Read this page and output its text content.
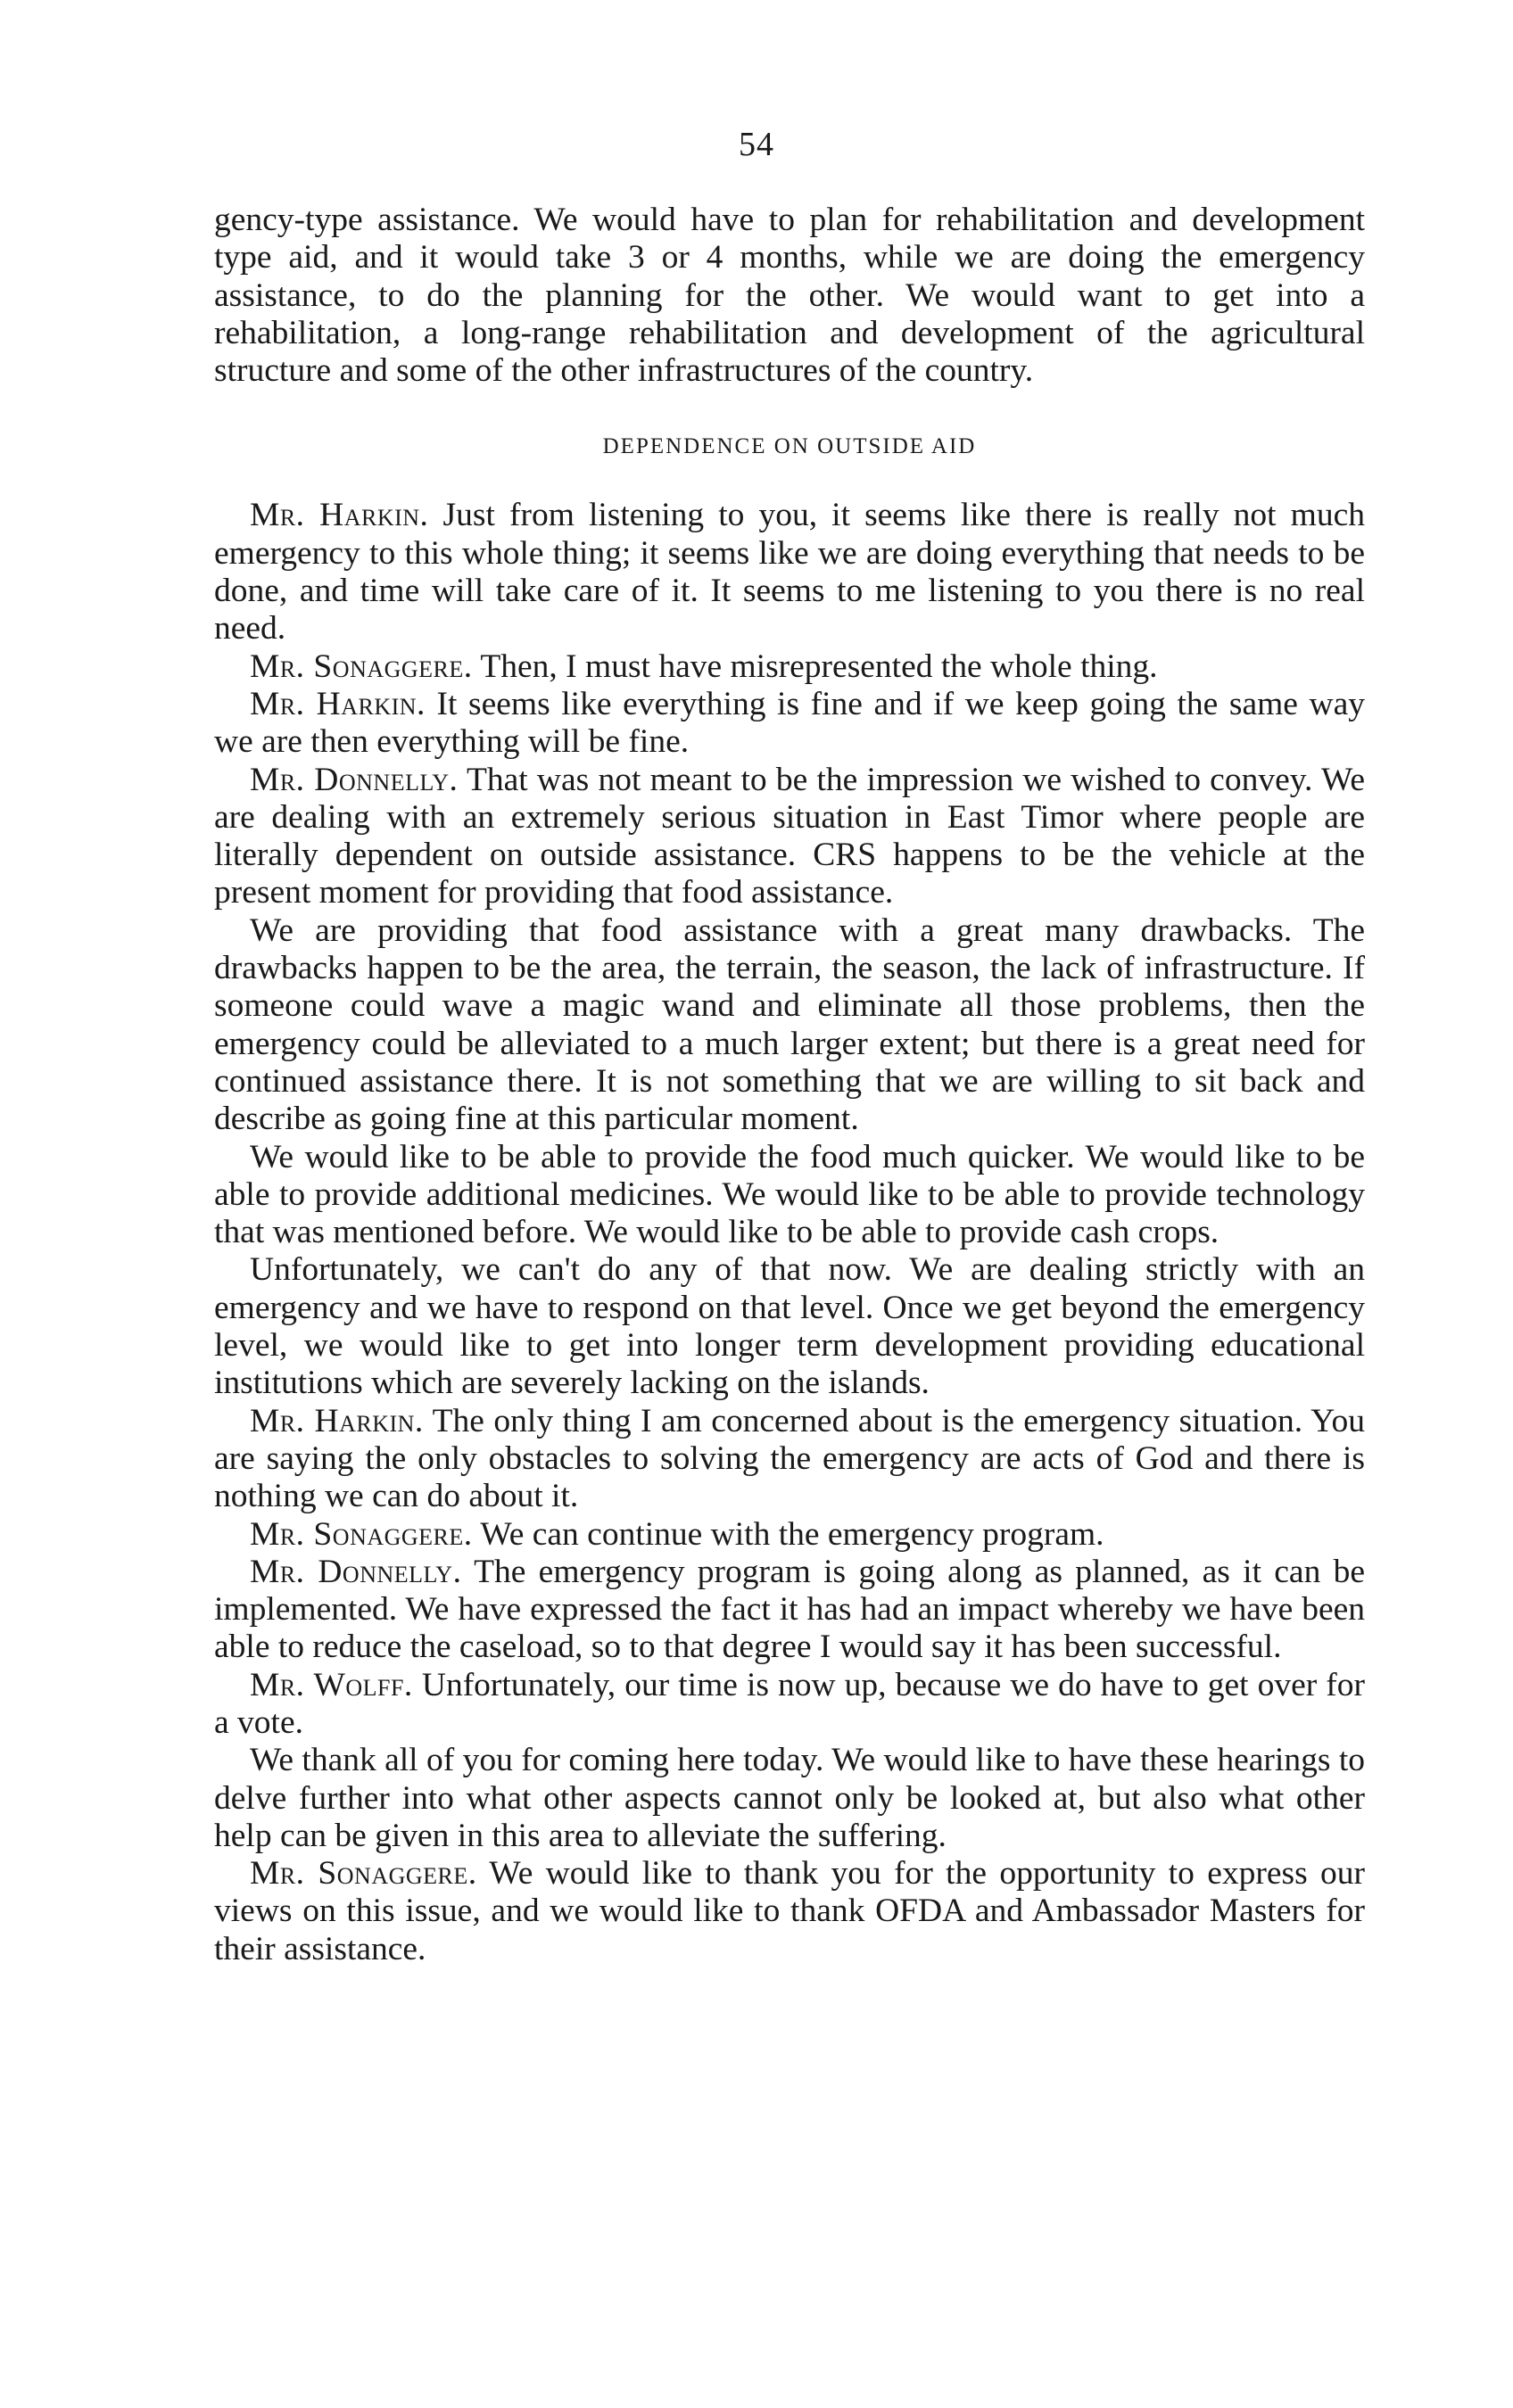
54

gency-type assistance. We would have to plan for rehabilitation and development type aid, and it would take 3 or 4 months, while we are doing the emergency assistance, to do the planning for the other. We would want to get into a rehabilitation, a long-range rehabilitation and development of the agricultural structure and some of the other infrastructures of the country.

DEPENDENCE ON OUTSIDE AID

Mr. Harkin. Just from listening to you, it seems like there is really not much emergency to this whole thing; it seems like we are doing everything that needs to be done, and time will take care of it. It seems to me listening to you there is no real need.

Mr. Sonaggere. Then, I must have misrepresented the whole thing.

Mr. Harkin. It seems like everything is fine and if we keep going the same way we are then everything will be fine.

Mr. Donnelly. That was not meant to be the impression we wished to convey. We are dealing with an extremely serious situation in East Timor where people are literally dependent on outside assistance. CRS happens to be the vehicle at the present moment for providing that food assistance.

We are providing that food assistance with a great many drawbacks. The drawbacks happen to be the area, the terrain, the season, the lack of infrastructure. If someone could wave a magic wand and eliminate all those problems, then the emergency could be alleviated to a much larger extent; but there is a great need for continued assistance there. It is not something that we are willing to sit back and describe as going fine at this particular moment.

We would like to be able to provide the food much quicker. We would like to be able to provide additional medicines. We would like to be able to provide technology that was mentioned before. We would like to be able to provide cash crops.

Unfortunately, we can't do any of that now. We are dealing strictly with an emergency and we have to respond on that level. Once we get beyond the emergency level, we would like to get into longer term development providing educational institutions which are severely lacking on the islands.

Mr. Harkin. The only thing I am concerned about is the emergency situation. You are saying the only obstacles to solving the emergency are acts of God and there is nothing we can do about it.

Mr. Sonaggere. We can continue with the emergency program.

Mr. Donnelly. The emergency program is going along as planned, as it can be implemented. We have expressed the fact it has had an impact whereby we have been able to reduce the caseload, so to that degree I would say it has been successful.

Mr. Wolff. Unfortunately, our time is now up, because we do have to get over for a vote.

We thank all of you for coming here today. We would like to have these hearings to delve further into what other aspects cannot only be looked at, but also what other help can be given in this area to alleviate the suffering.

Mr. Sonaggere. We would like to thank you for the opportunity to express our views on this issue, and we would like to thank OFDA and Ambassador Masters for their assistance.
